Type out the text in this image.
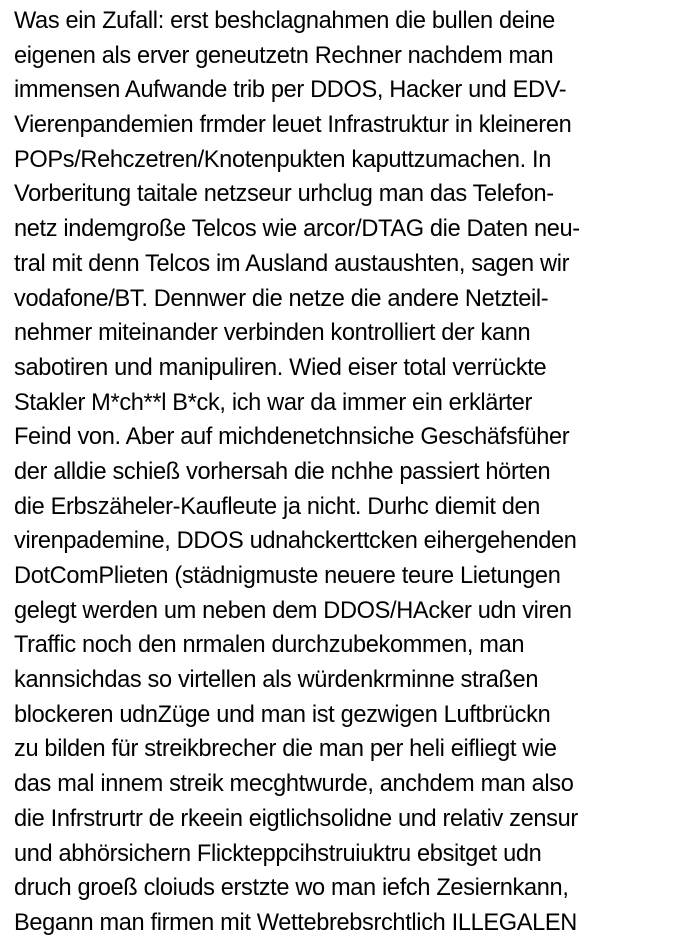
Was ein Zufall: erst beshclagnahmen die bullen deine
eigenen als erver geneutzetn Rechner nachdem man
immensen Aufwande trib per DDOS, Hacker und EDV-
Vierenpandemien frmder leuet Infrastruktur in kleineren
POPs/Rehczetren/Knotenpukten kaputtzumachen. In
Vorberitung taitale netzseur urhclug man das Telefon-
netz indemgroße Telcos wie arcor/DTAG die Daten neu-
tral mit denn Telcos im Ausland austaushten, sagen wir
vodafone/BT. Dennwer die netze die andere Netzteil-
nehmer miteinander verbinden kontrolliert der kann
sabotiren und manipuliren. Wied eiser total verrückte
Stakler M*ch**l B*ck, ich war da immer ein erklärter
Feind von. Aber auf michdenetchnsiche Geschäfsfüher
der alldie schieß vorhersah die nchhe passiert hörten
die Erbszäheler-Kaufleute ja nicht. Durhc diemit den
virenpademine, DDOS udnahckerttcken eihergehenden
DotComPlieten (städnigmuste neuere teure Lietungen
gelegt werden um neben dem DDOS/HAcker udn viren
Traffic noch den nrmalen durchzubekommen, man
kannsichdas so virtellen als würdenkrminne straßen
blockeren udnZüge und man ist gezwigen Luftbrückn
zu bilden für streikbrecher die man per heli eifliegt wie
das mal innem streik mecghtwurde, anchdem man also
die Infrstrurtr de rkeein eigtlichsolidne und relativ zensur
und abhörsichern Flickteppcihstruiuktru ebsitget udn
druch groeß cloiuds erstzte wo man iefch Zesiernkann,
Begann man firmen mit Wettebrebsrchtlich ILLEGALEN
